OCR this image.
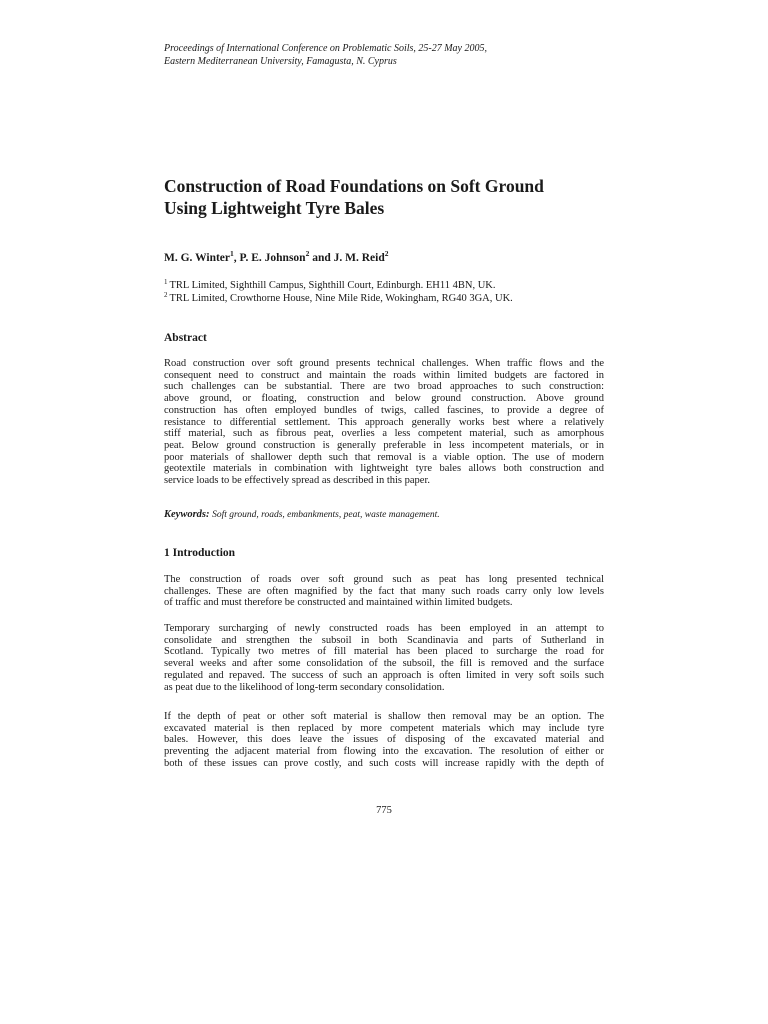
Proceedings of International Conference on Problematic Soils, 25-27 May 2005,
Eastern Mediterranean University, Famagusta, N. Cyprus
Construction of Road Foundations on Soft Ground
Using Lightweight Tyre Bales
M. G. Winter$^1$, P. E. Johnson$^2$ and J. M. Reid$^2$
$^1$ TRL Limited, Sighthill Campus, Sighthill Court, Edinburgh. EH11 4BN, UK.
$^2$ TRL Limited, Crowthorne House, Nine Mile Ride, Wokingham, RG40 3GA, UK.
Abstract
Road construction over soft ground presents technical challenges. When traffic flows and the
consequent need to construct and maintain the roads within limited budgets are factored in
such challenges can be substantial. There are two broad approaches to such construction:
above ground, or floating, construction and below ground construction. Above ground
construction has often employed bundles of twigs, called fascines, to provide a degree of
resistance to differential settlement. This approach generally works best where a relatively
stiff material, such as fibrous peat, overlies a less competent material, such as amorphous
peat. Below ground construction is generally preferable in less incompetent materials, or in
poor materials of shallower depth such that removal is a viable option. The use of modern
geotextile materials in combination with lightweight tyre bales allows both construction and
service loads to be effectively spread as described in this paper.
Keywords: Soft ground, roads, embankments, peat, waste management.
1 Introduction
The construction of roads over soft ground such as peat has long presented technical
challenges. These are often magnified by the fact that many such roads carry only low levels
of traffic and must therefore be constructed and maintained within limited budgets.
Temporary surcharging of newly constructed roads has been employed in an attempt to
consolidate and strengthen the subsoil in both Scandinavia and parts of Sutherland in
Scotland. Typically two metres of fill material has been placed to surcharge the road for
several weeks and after some consolidation of the subsoil, the fill is removed and the surface
regulated and repaved. The success of such an approach is often limited in very soft soils such
as peat due to the likelihood of long-term secondary consolidation.
If the depth of peat or other soft material is shallow then removal may be an option. The
excavated material is then replaced by more competent materials which may include tyre
bales. However, this does leave the issues of disposing of the excavated material and
preventing the adjacent material from flowing into the excavation. The resolution of either or
both of these issues can prove costly, and such costs will increase rapidly with the depth of
775
